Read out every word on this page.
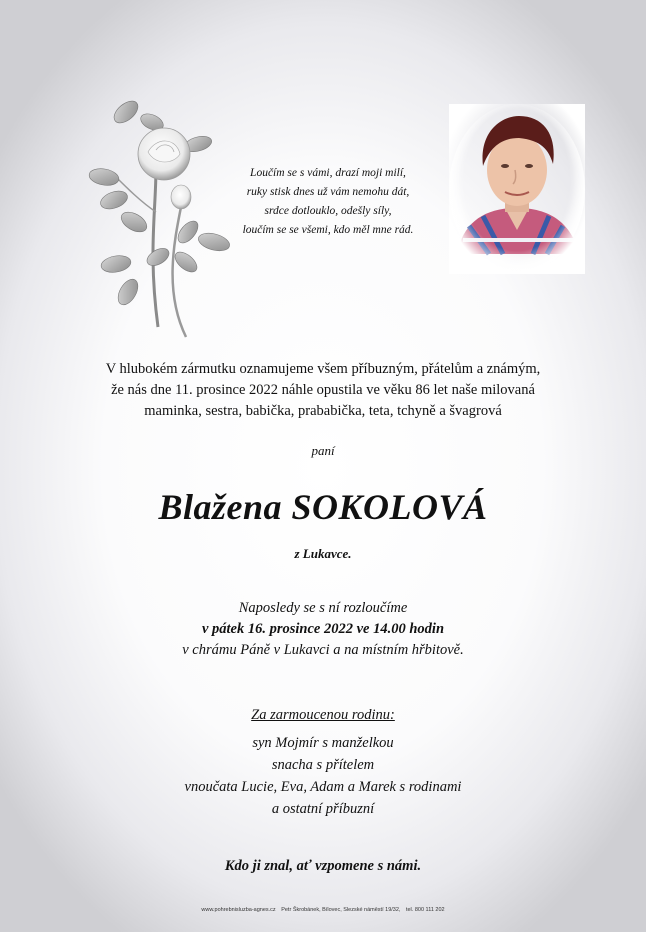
Loučím se s vámi, drazí moji milí,
ruky stisk dnes už vám nemohu dát,
srdce dotlouklo, odešly síly,
loučím se se všemi, kdo měl mne rád.
V hlubokém zármutku oznamujeme všem příbuzným, přátelům a známým,
že nás dne 11. prosince 2022 náhle opustila ve věku 86 let naše milovaná
maminka, sestra, babička, prababička, teta, tchyně a švagrová
paní
Blažena SOKOLOVÁ
z Lukavce.
Naposledy se s ní rozloučíme
v pátek 16. prosince 2022 ve 14.00 hodin
v chrámu Páně v Lukavci a na místním hřbitově.
Za zarmoucenou rodinu:
syn Mojmír s manželkou
snacha s přítelem
vnoučata Lucie, Eva, Adam a Marek s rodinami
a ostatní příbuzní
Kdo ji znal, ať vzpomene s námi.
www.pohrebnisluzba-agnes.cz Petr Škrobánek, Bílovec, Slezské náměstí 19/32, tel. 800 111 202
